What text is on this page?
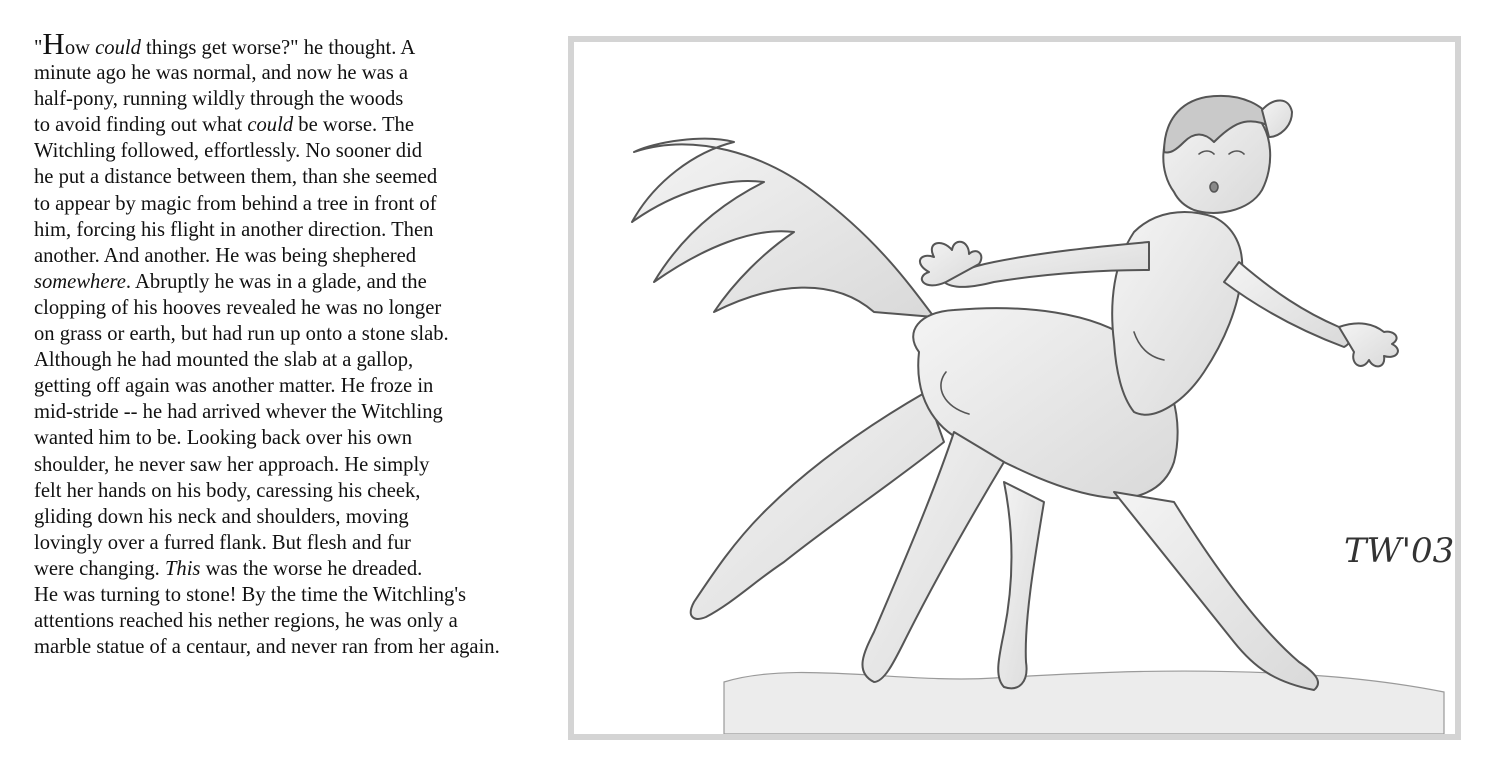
"How could things get worse?" he thought. A
minute ago he was normal, and now he was a
half-pony, running wildly through the woods
to avoid finding out what could be worse. The
Witchling followed, effortlessly. No sooner did
he put a distance between them, than she seemed
to appear by magic from behind a tree in front of
him, forcing his flight in another direction. Then
another. And another. He was being shephered
somewhere. Abruptly he was in a glade, and the
clopping of his hooves revealed he was no longer
on grass or earth, but had run up onto a stone slab.
Although he had mounted the slab at a gallop,
getting off again was another matter. He froze in
mid-stride -- he had arrived whever the Witchling
wanted him to be. Looking back over his own
shoulder, he never saw her approach. He simply
felt her hands on his body, caressing his cheek,
gliding down his neck and shoulders, moving
lovingly over a furred flank. But flesh and fur
were changing. This was the worse he dreaded.
He was turning to stone! By the time the Witchling's
attentions reached his nether regions, he was only a
marble statue of a centaur, and never ran from her again.
TW'03
